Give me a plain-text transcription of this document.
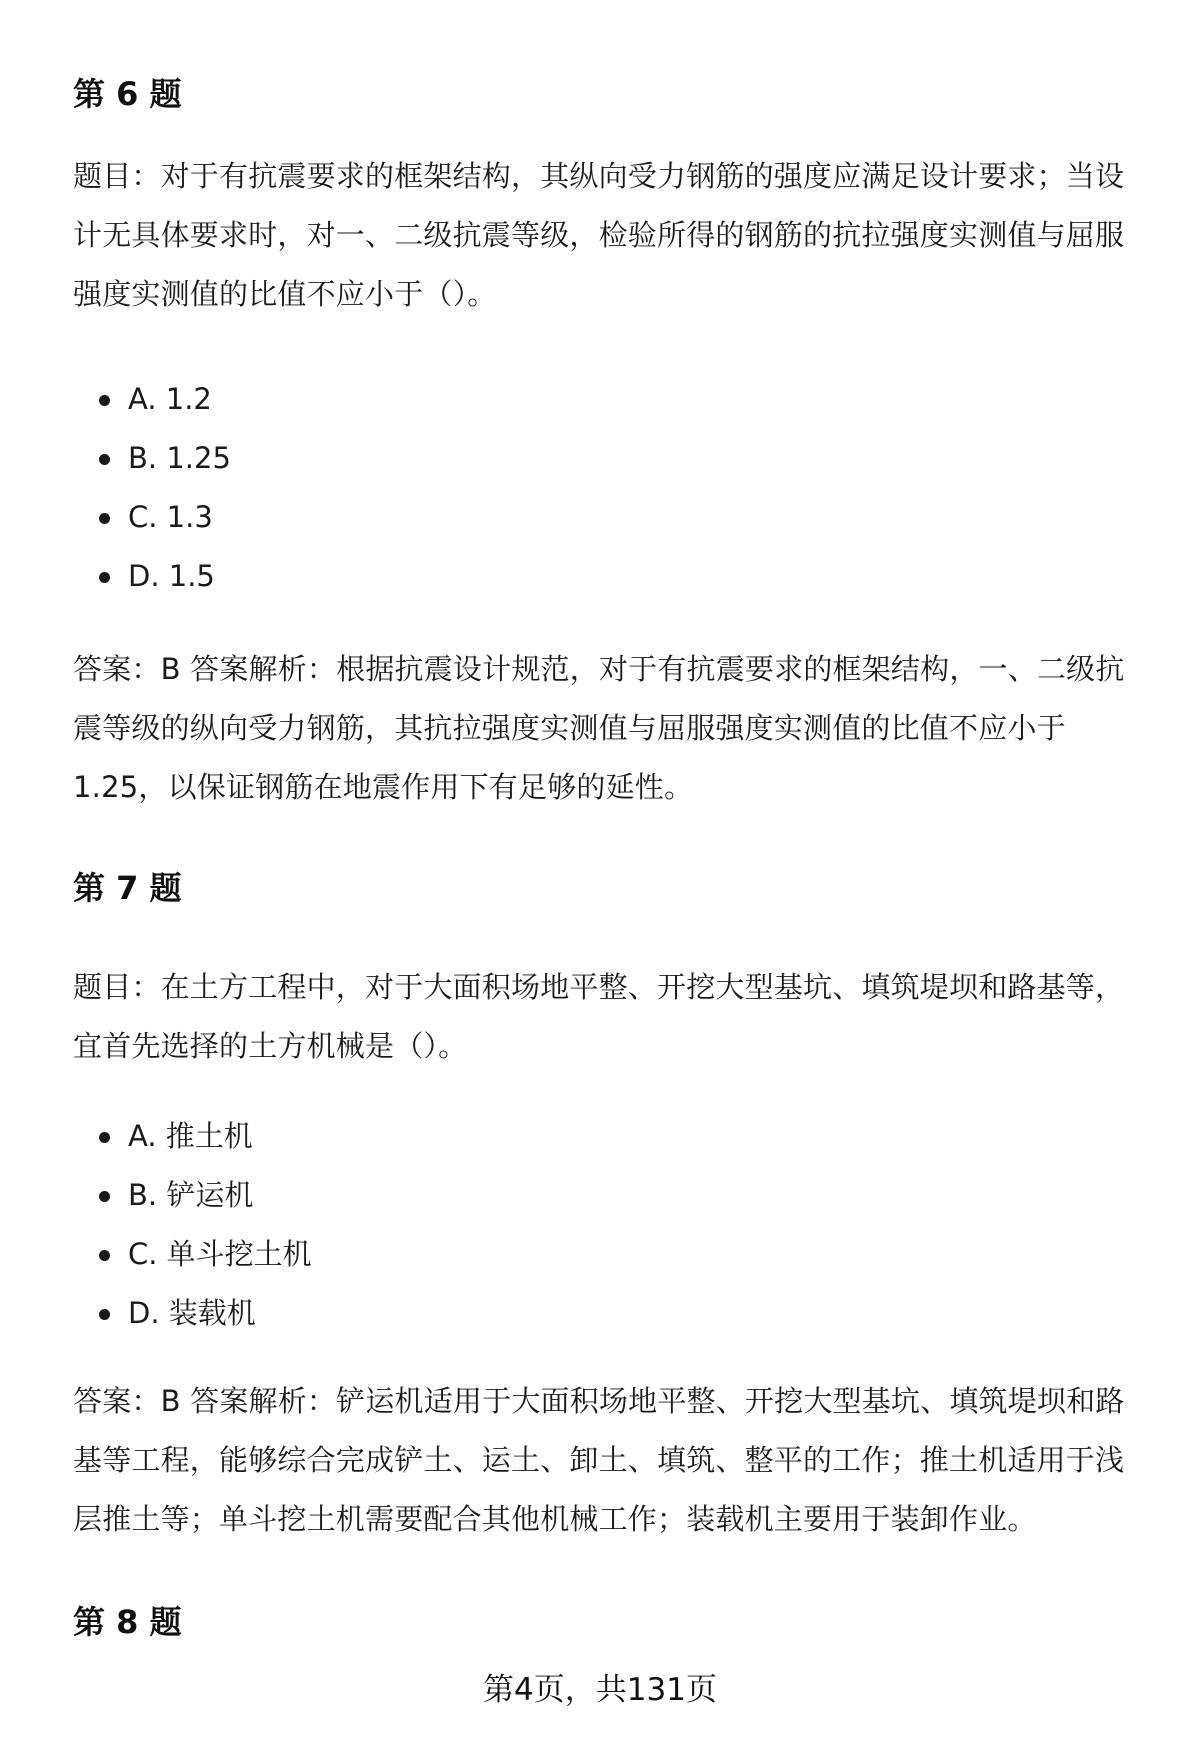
第 6 题

题目：对于有抗震要求的框架结构，其纵向受力钢筋的强度应满足设计要求；当设计无具体要求时，对一、二级抗震等级，检验所得的钢筋的抗拉强度实测值与屈服强度实测值的比值不应小于（）。

A. 1.2
B. 1.25
C. 1.3
D. 1.5

答案：B 答案解析：根据抗震设计规范，对于有抗震要求的框架结构，一、二级抗震等级的纵向受力钢筋，其抗拉强度实测值与屈服强度实测值的比值不应小于1.25，以保证钢筋在地震作用下有足够的延性。

第 7 题

题目：在土方工程中，对于大面积场地平整、开挖大型基坑、填筑堤坝和路基等，宜首先选择的土方机械是（）。

A. 推土机
B. 铲运机
C. 单斗挖土机
D. 装载机

答案：B 答案解析：铲运机适用于大面积场地平整、开挖大型基坑、填筑堤坝和路基等工程，能够综合完成铲土、运土、卸土、填筑、整平的工作；推土机适用于浅层推土等；单斗挖土机需要配合其他机械工作；装载机主要用于装卸作业。

第 8 题
第4页，共131页
